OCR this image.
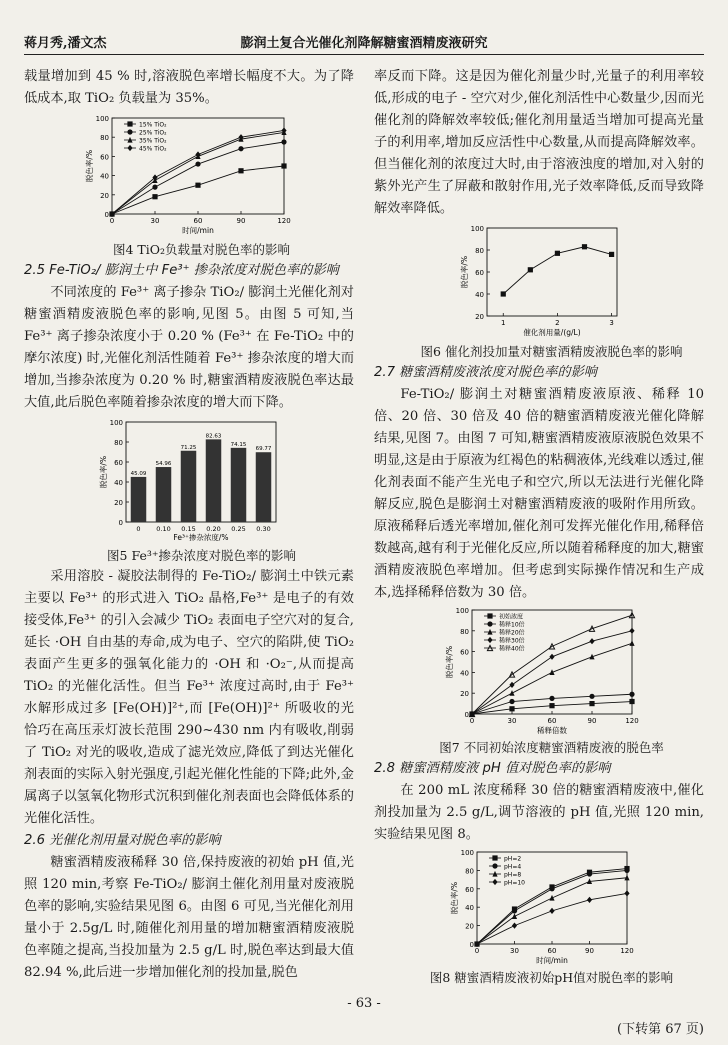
蒋月秀,潘文杰	膨润土复合光催化剂降解糖蜜酒精废液研究

载量增加到 45 % 时,溶液脱色率增长幅度不大。为了降低成本,取 TiO₂ 负载量为 35%。

0
20
40
60
80
100
0	30	60	90	120
时间/min
脱色率/%
15% TiO₂
25% TiO₂
35% TiO₂
45% TiO₂

图4 TiO₂负载量对脱色率的影响

2.5 Fe-TiO₂/ 膨润土中 Fe³⁺ 掺杂浓度对脱色率的影响

不同浓度的 Fe³⁺ 离子掺杂 TiO₂/ 膨润土光催化剂对糖蜜酒精废液脱色率的影响,见图 5。由图 5 可知,当 Fe³⁺ 离子掺杂浓度小于 0.20 % (Fe³⁺ 在 Fe-TiO₂ 中的摩尔浓度) 时,光催化剂活性随着 Fe³⁺ 掺杂浓度的增大而增加,当掺杂浓度为 0.20 % 时,糖蜜酒精废液脱色率达最大值,此后脱色率随着掺杂浓度的增大而下降。

0
20
40
60
80
100
45.09
0
54.96
0.10
71.25
0.15
82.63
0.20
74.15
0.25
69.77
0.30
Fe³⁺掺杂浓度/%
脱色率/%

图5 Fe³⁺掺杂浓度对脱色率的影响

采用溶胶 - 凝胶法制得的 Fe-TiO₂/ 膨润土中铁元素主要以 Fe³⁺ 的形式进入 TiO₂ 晶格,Fe³⁺ 是电子的有效接受体,Fe³⁺ 的引入会减少 TiO₂ 表面电子空穴对的复合,延长 ·OH 自由基的寿命,成为电子、空穴的陷阱,使 TiO₂ 表面产生更多的强氧化能力的 ·OH 和 ·O₂⁻,从而提高 TiO₂ 的光催化活性。但当 Fe³⁺ 浓度过高时,由于 Fe³⁺ 水解形成过多 [Fe(OH)]²⁺,而 [Fe(OH)]²⁺ 所吸收的光恰巧在高压汞灯波长范围 290~430 nm 内有吸收,削弱了 TiO₂ 对光的吸收,造成了滤光效应,降低了到达光催化剂表面的实际入射光强度,引起光催化性能的下降;此外,金属离子以氢氧化物形式沉积到催化剂表面也会降低体系的光催化活性。

2.6 光催化剂用量对脱色率的影响

糖蜜酒精废液稀释 30 倍,保持废液的初始 pH 值,光照 120 min,考察 Fe-TiO₂/ 膨润土催化剂用量对废液脱色率的影响,实验结果见图 6。由图 6 可见,当光催化剂用量小于 2.5g/L 时,随催化剂用量的增加糖蜜酒精废液脱色率随之提高,当投加量为 2.5 g/L 时,脱色率达到最大值 82.94 %,此后进一步增加催化剂的投加量,脱色

率反而下降。这是因为催化剂量少时,光量子的利用率较低,形成的电子 - 空穴对少,催化剂活性中心数量少,因而光催化剂的降解效率较低;催化剂用量适当增加可提高光量子的利用率,增加反应活性中心数量,从而提高降解效率。但当催化剂的浓度过大时,由于溶液浊度的增加,对入射的紫外光产生了屏蔽和散射作用,光子效率降低,反而导致降解效率降低。

20
40
60
80
100
1	2	3
催化剂用量/(g/L)
脱色率/%

图6 催化剂投加量对糖蜜酒精废液脱色率的影响

2.7 糖蜜酒精废液浓度对脱色率的影响

Fe-TiO₂/ 膨润土对糖蜜酒精废液原液、稀释 10 倍、20 倍、30 倍及 40 倍的糖蜜酒精废液光催化降解结果,见图 7。由图 7 可知,糖蜜酒精废液原液脱色效果不明显,这是由于原液为红褐色的粘稠液体,光线难以透过,催化剂表面不能产生光电子和空穴,所以无法进行光催化降解反应,脱色是膨润土对糖蜜酒精废液的吸附作用所致。原液稀释后透光率增加,催化剂可发挥光催化作用,稀释倍数越高,越有利于光催化反应,所以随着稀释度的加大,糖蜜酒精废液脱色率增加。但考虑到实际操作情况和生产成本,选择稀释倍数为 30 倍。

0
20
40
60
80
100
0	30	60	90	120
稀释倍数
脱色率/%
初始浓度
稀释10倍
稀释20倍
稀释30倍
稀释40倍

图7 不同初始浓度糖蜜酒精废液的脱色率

2.8 糖蜜酒精废液 pH 值对脱色率的影响

在 200 mL 浓度稀释 30 倍的糖蜜酒精废液中,催化剂投加量为 2.5 g/L,调节溶液的 pH 值,光照 120 min,实验结果见图 8。

0
20
40
60
80
100
0	30	60	90	120
时间/min
脱色率/%
pH=2
pH=4
pH=8
pH=10

图8 糖蜜酒精废液初始pH值对脱色率的影响

- 63 -
(下转第 67 页)
